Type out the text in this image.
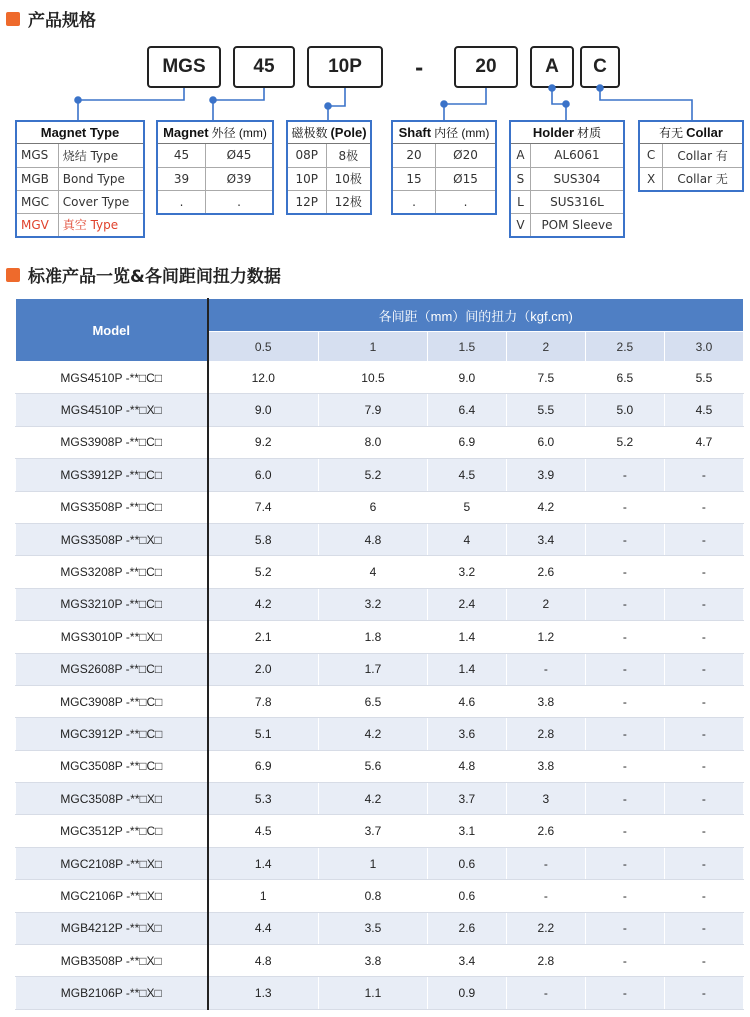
产品规格
MGS	45	10P	-	20	A	C
Magnet Type
MGS	烧结 Type
MGB	Bond Type
MGC	Cover Type
MGV	真空 Type
Magnet 外径 (mm)
45	Ø45
39	Ø39
.	.
磁极数 (Pole)
08P	8极
10P	10极
12P	12极
Shaft 内径 (mm)
20	Ø20
15	Ø15
.	.
Holder 材质
A	AL6061
S	SUS304
L	SUS316L
V	POM Sleeve
有无 Collar
C	Collar 有
X	Collar 无
标准产品一览&各间距间扭力数据
Model	各间距（mm）间的扭力（kgf.cm)					
	0.5	1	1.5	2	2.5	3.0
MGS4510P -**□C□	12.0	10.5	9.0	7.5	6.5	5.5
MGS4510P -**□X□	9.0	7.9	6.4	5.5	5.0	4.5
MGS3908P -**□C□	9.2	8.0	6.9	6.0	5.2	4.7
MGS3912P -**□C□	6.0	5.2	4.5	3.9	-	-
MGS3508P -**□C□	7.4	6	5	4.2	-	-
MGS3508P -**□X□	5.8	4.8	4	3.4	-	-
MGS3208P -**□C□	5.2	4	3.2	2.6	-	-
MGS3210P -**□C□	4.2	3.2	2.4	2	-	-
MGS3010P -**□X□	2.1	1.8	1.4	1.2	-	-
MGS2608P -**□C□	2.0	1.7	1.4	-	-	-
MGC3908P -**□C□	7.8	6.5	4.6	3.8	-	-
MGC3912P -**□C□	5.1	4.2	3.6	2.8	-	-
MGC3508P -**□C□	6.9	5.6	4.8	3.8	-	-
MGC3508P -**□X□	5.3	4.2	3.7	3	-	-
MGC3512P -**□C□	4.5	3.7	3.1	2.6	-	-
MGC2108P -**□X□	1.4	1	0.6	-	-	-
MGC2106P -**□X□	1	0.8	0.6	-	-	-
MGB4212P -**□X□	4.4	3.5	2.6	2.2	-	-
MGB3508P -**□X□	4.8	3.8	3.4	2.8	-	-
MGB2106P -**□X□	1.3	1.1	0.9	-	-	-
